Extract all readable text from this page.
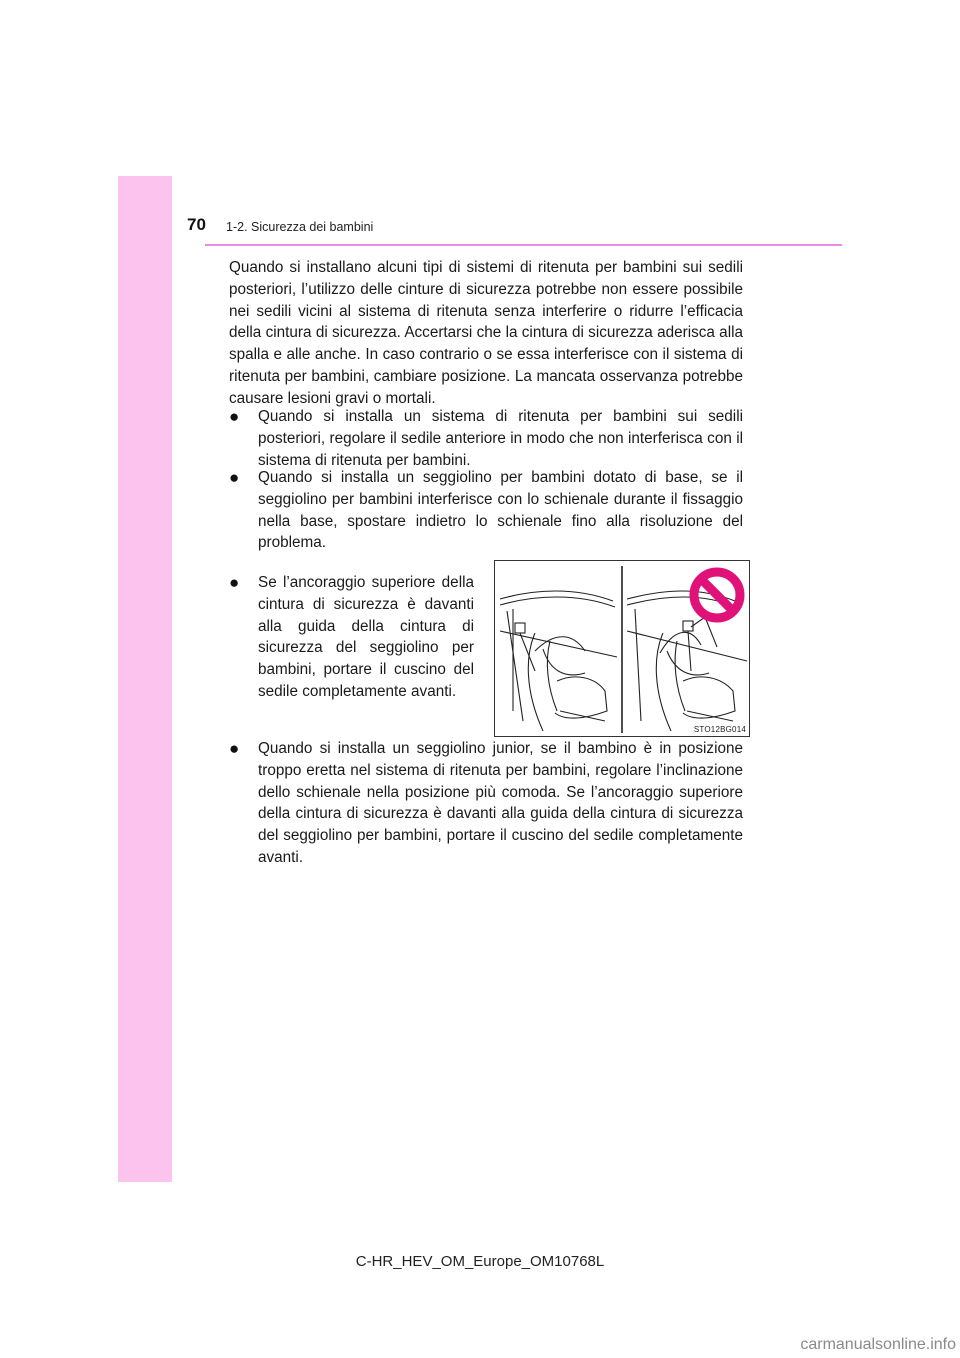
70 1-2. Sicurezza dei bambini

Quando si installano alcuni tipi di sistemi di ritenuta per bambini sui sedili posteriori, l’utilizzo delle cinture di sicurezza potrebbe non essere possibile nei sedili vicini al sistema di ritenuta senza interferire o ridurre l’efficacia della cintura di sicurezza. Accertarsi che la cintura di sicurezza aderisca alla spalla e alle anche. In caso contrario o se essa interferisce con il sistema di ritenuta per bambini, cambiare posizione. La mancata osservanza potrebbe causare lesioni gravi o mortali.

● Quando si installa un sistema di ritenuta per bambini sui sedili posteriori, regolare il sedile anteriore in modo che non interferisca con il sistema di ritenuta per bambini.

● Quando si installa un seggiolino per bambini dotato di base, se il seggiolino per bambini interferisce con lo schienale durante il fissaggio nella base, spostare indietro lo schienale fino alla risoluzione del problema.

● Se l’ancoraggio superiore della cintura di sicurezza è davanti alla guida della cintura di sicurezza del seggiolino per bambini, portare il cuscino del sedile completamente avanti.

STO12BG014
● Quando si installa un seggiolino junior, se il bambino è in posizione troppo eretta nel sistema di ritenuta per bambini, regolare l’inclinazione dello schienale nella posizione più comoda. Se l’ancoraggio superiore della cintura di sicurezza è davanti alla guida della cintura di sicurezza del seggiolino per bambini, portare il cuscino del sedile completamente avanti.

C-HR_HEV_OM_Europe_OM10768L
carmanualsonline.info
